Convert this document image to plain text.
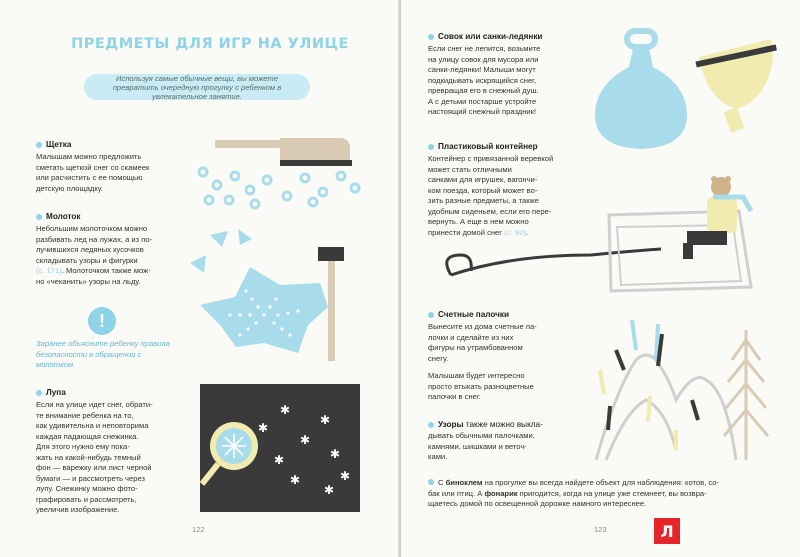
ПРЕДМЕТЫ ДЛЯ ИГР НА УЛИЦЕ
Используя самые обычные вещи, вы можете превратить очередную прогулку с ребенком в увлекательное занятие.
Щетка
Малышам можно предложить
сметать щеткой снег со скамеек
или расчистить с ее помощью
детскую площадку.
Молоток
Небольшим молоточком можно
разбивать лед на лужах, а из по-
лучившихся ледяных кусочков
складывать узоры и фигурки
(с. 171). Молоточком также мож-
но «чеканить» узоры на льду.
!
Заранее объясните ребенку правила безопасности в обращении с молотком.
Лупа
Если на улице идет снег, обрати-
те внимание ребенка на то,
как удивительна и неповторима
каждая падающая снежинка.
Для этого нужно ему пока-
жать на какой-нибудь темный
фон — варежку или лист черной
бумаги — и рассмотреть через
лупу. Снежинку можно фото-
графировать и рассмотреть,
увеличив изображение.
✱
✱
✱
✱	✱
✱
✱
✱
✱
122
Совок или санки-ледянки
Если снег не лепится, возьмите
на улицу совок для мусора или
санки-ледянки! Малыши могут
подкидывать искрящийся снег,
превращая его в снежный душ.
А с детьми постарше устройте
настоящий снежный праздник!
Пластиковый контейнер
Контейнер с привязанной веревкой
может стать отличными
санками для игрушек, вагончи-
ком поезда, который может во-
зить разные предметы, а также
удобным сиденьем, если его пере-
вернуть. А еще в нем можно
принести домой снег (с. 92).
Счетные палочки
Вынесите из дома счетные па-
лочки и сделайте из них
фигуры на утрамбованном
снегу.
Малышам будет интересно
просто втыкать разноцветные
палочки в снег.
Узоры также можно выкла-
дывать обычными палочками,
камнями, шишками и веточ-
ками.
С биноклем на прогулке вы всегда найдете объект для наблюдения: котов, со-
бак или птиц. А фонарик пригодится, когда на улице уже стемнеет, вы возвра-
щаетесь домой по освещенной дорожке намного интереснее.
123	Л
